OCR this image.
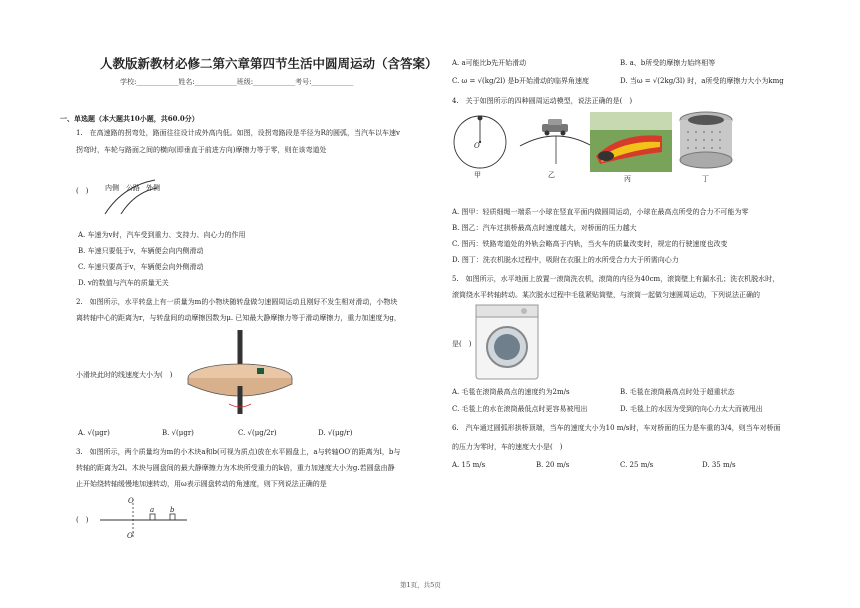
人教版新教材必修二第六章第四节生活中圆周运动（含答案）
学校:____________姓名:____________班级:____________考号:____________
一、单选题（本大题共10小题，共60.0分）
1.　在高速路的拐弯处，路面往往设计成外高内低。如图，设拐弯路段是半径为R的圆弧，当汽车以车速v
拐弯时，车轮与路面之间的横向(即垂直于前进方向)摩擦力等于零，则在该弯道处
(　) 内侧 公路 外侧
A. 车速为v时，汽车受到重力、支持力、向心力的作用
B. 车速只要低于v，车辆便会向内侧滑动
C. 车速只要高于v，车辆便会向外侧滑动
D. v的数值与汽车的质量无关
2.　如图所示，水平转盘上有一质量为m的小物块随转盘做匀速圆周运动且刚好不发生相对滑动，小物块
离转轴中心的距离为r，与转盘间的动摩擦因数为μ. 已知最大静摩擦力等于滑动摩擦力，重力加速度为g，
小滑块此时的线速度大小为(　)
A. √(μgr)	B. √(μgr)	C. √(μg/2r)	D. √(μg/r)
3.　如图所示，两个质量均为m的小木块a和b(可视为质点)放在水平圆盘上，a与转轴OO′的距离为l，b与
转轴的距离为2l。木块与圆盘间的最大静摩擦力为木块所受重力的k倍，重力加速度大小为g.若圆盘由静
止开始绕转轴缓慢地加速转动，用ω表示圆盘转动的角速度，则下列说法正确的是
(　)
O
a b
O′
A. a可能比b先开始滑动	B. a、b所受的摩擦力始终相等
C. ω = √(kg/2l) 是b开始滑动的临界角速度	D. 当ω = √(2kg/3l) 时，a所受的摩擦力大小为kmg
4.　关于如图所示的四种圆周运动模型，说法正确的是(　)
O
甲	乙	丙	丁
A. 图甲：轻质细绳一端系一小球在竖直平面内做圆周运动，小球在最高点所受的合力不可能为零
B. 图乙：汽车过拱桥最高点时速度越大，对桥面的压力越大
C. 图丙：铁路弯道处的外轨会略高于内轨，当火车的质量改变时，规定的行驶速度也改变
D. 图丁：洗衣机脱水过程中，吸附在衣服上的水所受合力大于所需向心力
5.　如图所示，水平地面上放置一滚筒洗衣机，滚筒的内径为40cm，滚筒壁上有漏水孔；洗衣机脱水时，
滚筒绕水平转轴转动。某次脱水过程中毛毯紧贴筒壁，与滚筒一起做匀速圆周运动，下列说法正确的
是(　)
A. 毛毯在滚筒最高点的速度约为2m/s	B. 毛毯在滚筒最高点时处于超重状态
C. 毛毯上的水在滚筒最低点时更容易被甩出	D. 毛毯上的水因为受到的向心力太大而被甩出
6.　汽车通过圆弧形拱桥顶端，当车的速度大小为10 m/s时，车对桥面的压力是车重的3/4，则当车对桥面
的压力为零时，车的速度大小是(　)
A. 15 m/s	B. 20 m/s	C. 25 m/s	D. 35 m/s
第1页，共5页
